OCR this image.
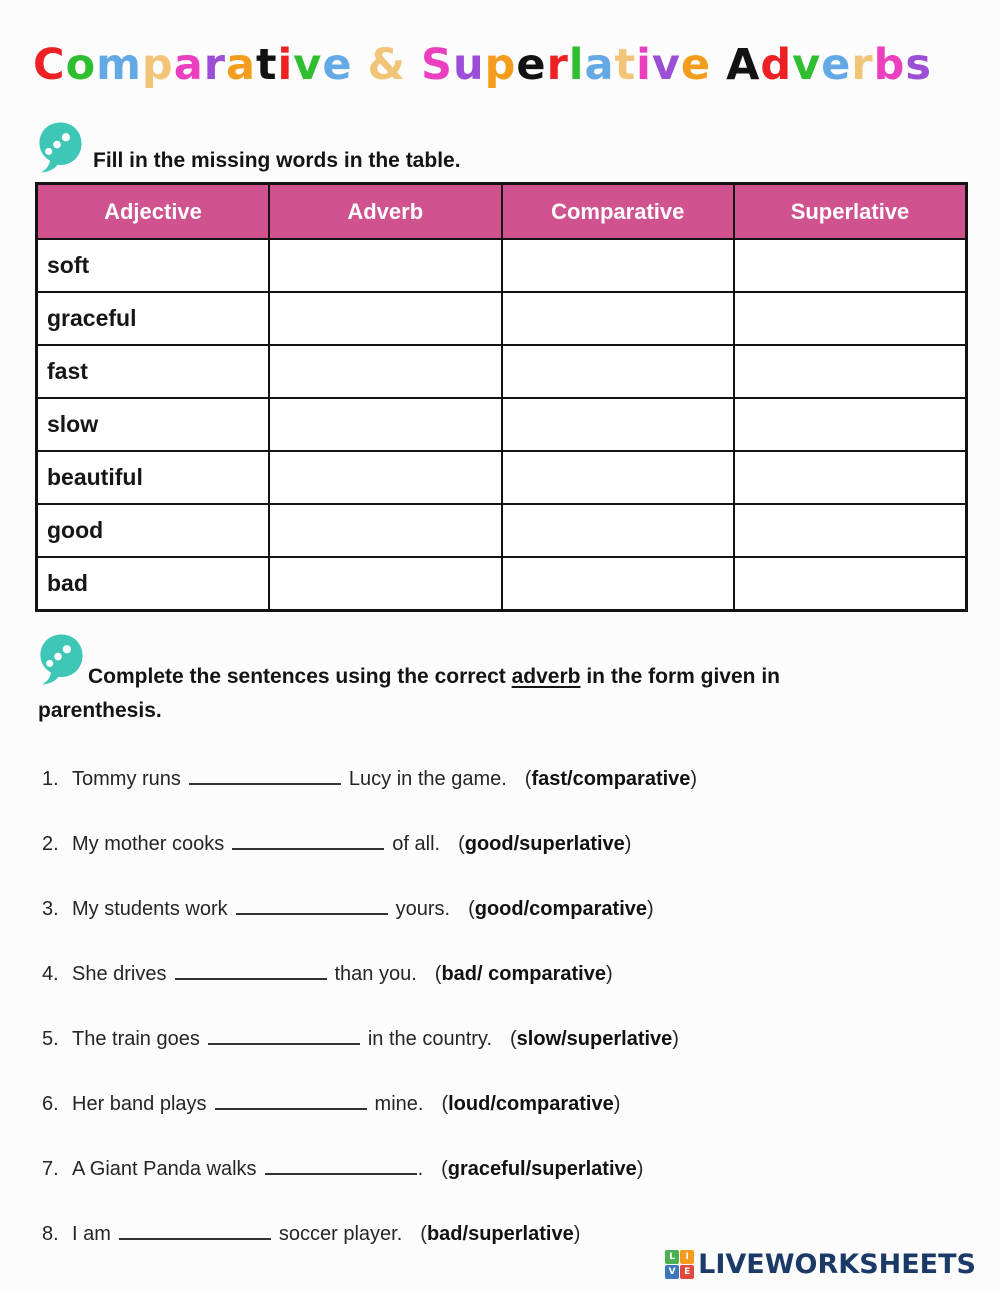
Comparative & Superlative Adverbs
Fill in the missing words in the table.
Adjective	Adverb	Comparative	Superlative
soft			
graceful			
fast			
slow			
beautiful			
good			
bad			
Complete the sentences using the correct adverb in the form given in
parenthesis.
1. Tommy runs	Lucy in the game. (fast/comparative)
2. My mother cooks	of all. (good/superlative)
3. My students work	yours. (good/comparative)
4. She drives	than you. (bad/ comparative)
5. The train goes	in the country. (slow/superlative)
6. Her band plays	mine. (loud/comparative)
7. A Giant Panda walks	. (graceful/superlative)
8. I am	soccer player. (bad/superlative)
L	I
V E LIVEWORKSHEETS
